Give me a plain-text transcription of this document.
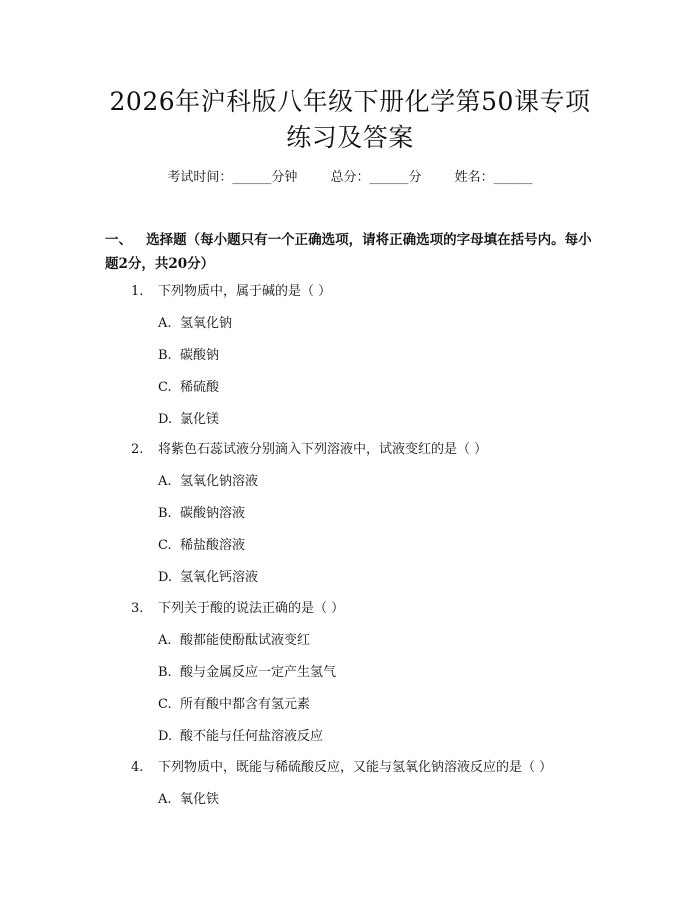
2026年沪科版八年级下册化学第50课专项
练习及答案
考试时间：______分钟	总分：______分	姓名：______
一、 选择题（每小题只有一个正确选项，请将正确选项的字母填在括号内。每小题2分，共20分）
1. 下列物质中，属于碱的是（ ）
A. 氢氧化钠
B. 碳酸钠
C. 稀硫酸
D. 氯化镁
2. 将紫色石蕊试液分别滴入下列溶液中，试液变红的是（ ）
A. 氢氧化钠溶液
B. 碳酸钠溶液
C. 稀盐酸溶液
D. 氢氧化钙溶液
3. 下列关于酸的说法正确的是（ ）
A. 酸都能使酚酞试液变红
B. 酸与金属反应一定产生氢气
C. 所有酸中都含有氢元素
D. 酸不能与任何盐溶液反应
4. 下列物质中，既能与稀硫酸反应，又能与氢氧化钠溶液反应的是（ ）
A. 氧化铁
